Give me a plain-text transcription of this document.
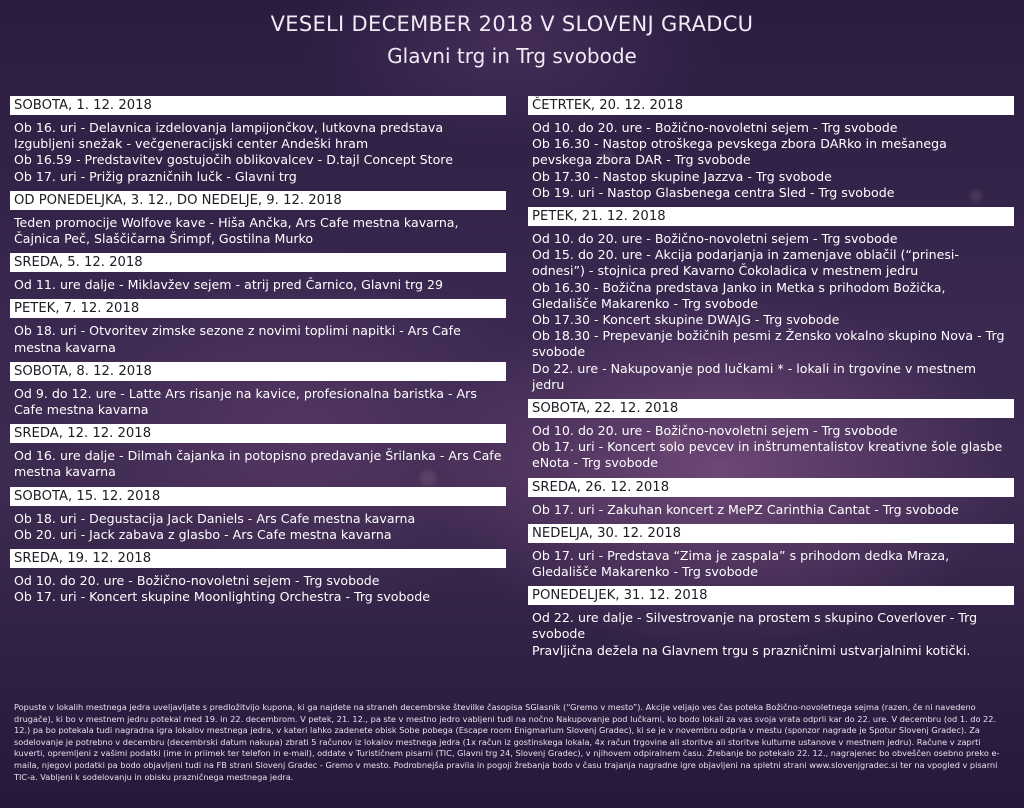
VESELI DECEMBER 2018 V SLOVENJ GRADCU
Glavni trg in Trg svobode
SOBOTA, 1. 12. 2018
Ob 16. uri - Delavnica izdelovanja lampijončkov, lutkovna predstava Izgubljeni snežak - večgeneracijski center Andeški hram
Ob 16.59 - Predstavitev gostujočih oblikovalcev - D.tajl Concept Store
Ob 17. uri - Prižig prazničnih lučk - Glavni trg
OD PONEDELJKA, 3. 12., DO NEDELJE, 9. 12. 2018
Teden promocije Wolfove kave - Hiša Ančka, Ars Cafe mestna kavarna, Čajnica Peč, Slaščičarna Šrimpf, Gostilna Murko
SREDA, 5. 12. 2018
Od 11. ure dalje - Miklavžev sejem - atrij pred Čarnico, Glavni trg 29
PETEK, 7. 12. 2018
Ob 18. uri - Otvoritev zimske sezone z novimi toplimi napitki - Ars Cafe mestna kavarna
SOBOTA, 8. 12. 2018
Od 9. do 12. ure - Latte Ars risanje na kavice, profesionalna baristka - Ars Cafe mestna kavarna
SREDA, 12. 12. 2018
Od 16. ure dalje - Dilmah čajanka in potopisno predavanje Šrilanka - Ars Cafe mestna kavarna
SOBOTA, 15. 12. 2018
Ob 18. uri - Degustacija Jack Daniels - Ars Cafe mestna kavarna
Ob 20. uri - Jack zabava z glasbo - Ars Cafe mestna kavarna
SREDA, 19. 12. 2018
Od 10. do 20. ure - Božično-novoletni sejem - Trg svobode
Ob 17. uri - Koncert skupine Moonlighting Orchestra - Trg svobode
ČETRTEK, 20. 12. 2018
Od 10. do 20. ure - Božično-novoletni sejem - Trg svobode
Ob 16.30 - Nastop otroškega pevskega zbora DARko in mešanega pevskega zbora DAR - Trg svobode
Ob 17.30 - Nastop skupine Jazzva - Trg svobode
Ob 19. uri - Nastop Glasbenega centra Sled - Trg svobode
PETEK, 21. 12. 2018
Od 10. do 20. ure - Božično-novoletni sejem - Trg svobode
Od 15. do 20. ure - Akcija podarjanja in zamenjave oblačil (“prinesi-odnesi”) - stojnica pred Kavarno Čokoladica v mestnem jedru
Ob 16.30 - Božična predstava Janko in Metka s prihodom Božička, Gledališče Makarenko - Trg svobode
Ob 17.30 - Koncert skupine DWAJG - Trg svobode
Ob 18.30 - Prepevanje božičnih pesmi z Žensko vokalno skupino Nova - Trg svobode
Do 22. ure - Nakupovanje pod lučkami * - lokali in trgovine v mestnem jedru
SOBOTA, 22. 12. 2018
Od 10. do 20. ure - Božično-novoletni sejem - Trg svobode
Ob 17. uri - Koncert solo pevcev in inštrumentalistov kreativne šole glasbe eNota - Trg svobode
SREDA, 26. 12. 2018
Ob 17. uri - Zakuhan koncert z MePZ Carinthia Cantat - Trg svobode
NEDELJA, 30. 12. 2018
Ob 17. uri - Predstava “Zima je zaspala” s prihodom dedka Mraza, Gledališče Makarenko - Trg svobode
PONEDELJEK, 31. 12. 2018
Od 22. ure dalje - Silvestrovanje na prostem s skupino Coverlover - Trg svobode
Pravljična dežela na Glavnem trgu s prazničnimi ustvarjalnimi kotički.
Popuste v lokalih mestnega jedra uveljavljate s predložitvijo kupona, ki ga najdete na straneh decembrske številke časopisa SGlasnik (“Gremo v mesto”). Akcije veljajo ves čas poteka Božično-novoletnega sejma (razen, če ni navedeno drugače), ki bo v mestnem jedru potekal med 19. in 22. decembrom. V petek, 21. 12., pa ste v mestno jedro vabljeni tudi na nočno Nakupovanje pod lučkami, ko bodo lokali za vas svoja vrata odprli kar do 22. ure. V decembru (od 1. do 22. 12.) pa bo potekala tudi nagradna igra lokalov mestnega jedra, v kateri lahko zadenete obisk Sobe pobega (Escape room Enigmarium Slovenj Gradec), ki se je v novembru odprla v mestu (sponzor nagrade je Spotur Slovenj Gradec). Za sodelovanje je potrebno v decembru (decembrski datum nakupa) zbrati 5 računov iz lokalov mestnega jedra (1x račun iz gostinskega lokala, 4x račun trgovine ali storitve ali storitve kulturne ustanove v mestnem jedru). Račune v zaprti kuverti, opremljeni z vašimi podatki (ime in priimek ter telefon in e-mail), oddate v Turističnem pisarni (TIC, Glavni trg 24, Slovenj Gradec), v njihovem odpiralnem času. Žrebanje bo potekalo 22. 12., nagrajenec bo obveščen osebno preko e-maila, njegovi podatki pa bodo objavljeni tudi na FB strani Slovenj Gradec - Gremo v mesto. Podrobnejša pravila in pogoji žrebanja bodo v času trajanja nagradne igre objavljeni na spletni strani www.slovenjgradec.si ter na vpogled v pisarni TIC-a. Vabljeni k sodelovanju in obisku prazničnega mestnega jedra.
